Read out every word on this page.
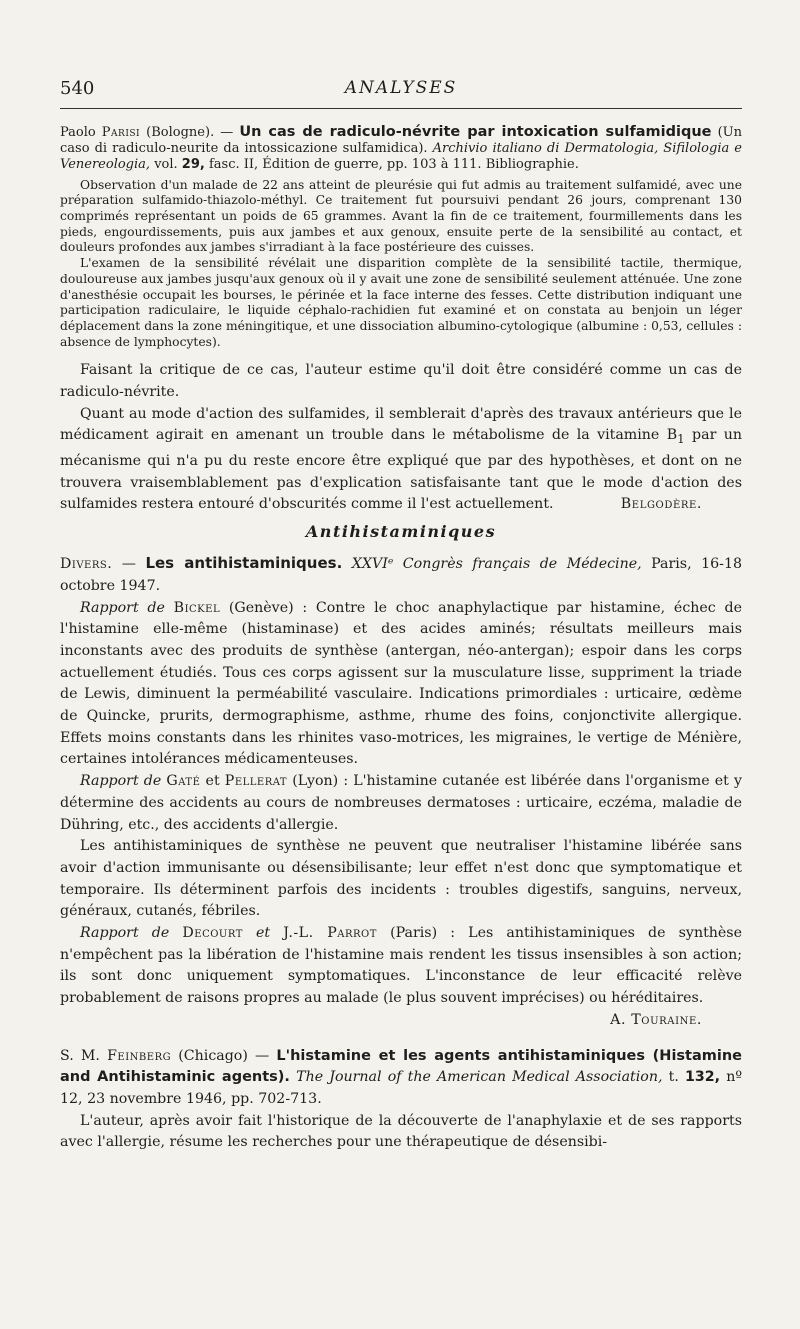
540	ANALYSES

Paolo Parisi (Bologne). — Un cas de radiculo-névrite par intoxication sulfamidique (Un caso di radiculo-neurite da intossicazione sulfamidica). Archivio italiano di Dermatologia, Sifilologia e Venereologia, vol. 29, fasc. II, Édition de guerre, pp. 103 à 111. Bibliographie.

Observation d'un malade de 22 ans atteint de pleurésie qui fut admis au traitement sulfamidé, avec une préparation sulfamido-thiazolo-méthyl. Ce traitement fut poursuivi pendant 26 jours, comprenant 130 comprimés représentant un poids de 65 grammes. Avant la fin de ce traitement, fourmillements dans les pieds, engourdissements, puis aux jambes et aux genoux, ensuite perte de la sensibilité au contact, et douleurs profondes aux jambes s'irradiant à la face postérieure des cuisses.

L'examen de la sensibilité révélait une disparition complète de la sensibilité tactile, thermique, douloureuse aux jambes jusqu'aux genoux où il y avait une zone de sensibilité seulement atténuée. Une zone d'anesthésie occupait les bourses, le périnée et la face interne des fesses. Cette distribution indiquant une participation radiculaire, le liquide céphalo-rachidien fut examiné et on constata au benjoin un léger déplacement dans la zone méningitique, et une dissociation albumino-cytologique (albumine : 0,53, cellules : absence de lymphocytes).

Faisant la critique de ce cas, l'auteur estime qu'il doit être considéré comme un cas de radiculo-névrite.

Quant au mode d'action des sulfamides, il semblerait d'après des travaux antérieurs que le médicament agirait en amenant un trouble dans le métabolisme de la vitamine $B_1$ par un mécanisme qui n'a pu du reste encore être expliqué que par des hypothèses, et dont on ne trouvera vraisemblablement pas d'explication satisfaisante tant que le mode d'action des sulfamides restera entouré d'obscurités comme il l'est actuellement.	Belgodère.

Antihistaminiques

Divers. — Les antihistaminiques. XXVIᵉ Congrès français de Médecine, Paris, 16-18 octobre 1947.

Rapport de Bickel (Genève) : Contre le choc anaphylactique par histamine, échec de l'histamine elle-même (histaminase) et des acides aminés; résultats meilleurs mais inconstants avec des produits de synthèse (antergan, néo-antergan); espoir dans les corps actuellement étudiés. Tous ces corps agissent sur la musculature lisse, suppriment la triade de Lewis, diminuent la perméabilité vasculaire. Indications primordiales : urticaire, œdème de Quincke, prurits, dermographisme, asthme, rhume des foins, conjonctivite allergique. Effets moins constants dans les rhinites vaso-motrices, les migraines, le vertige de Ménière, certaines intolérances médicamenteuses.

Rapport de Gaté et Pellerat (Lyon) : L'histamine cutanée est libérée dans l'organisme et y détermine des accidents au cours de nombreuses dermatoses : urticaire, eczéma, maladie de Dühring, etc., des accidents d'allergie.

Les antihistaminiques de synthèse ne peuvent que neutraliser l'histamine libérée sans avoir d'action immunisante ou désensibilisante; leur effet n'est donc que symptomatique et temporaire. Ils déterminent parfois des incidents : troubles digestifs, sanguins, nerveux, généraux, cutanés, fébriles.

Rapport de Decourt et J.-L. Parrot (Paris) : Les antihistaminiques de synthèse n'empêchent pas la libération de l'histamine mais rendent les tissus insensibles à son action; ils sont donc uniquement symptomatiques. L'inconstance de leur efficacité relève probablement de raisons propres au malade (le plus souvent imprécises) ou héréditaires.
A. Touraine.

S. M. Feinberg (Chicago) — L'histamine et les agents antihistaminiques (Histamine and Antihistaminic agents). The Journal of the American Medical Association, t. 132, nº 12, 23 novembre 1946, pp. 702-713.

L'auteur, après avoir fait l'historique de la découverte de l'anaphylaxie et de ses rapports avec l'allergie, résume les recherches pour une thérapeutique de désensibi-
